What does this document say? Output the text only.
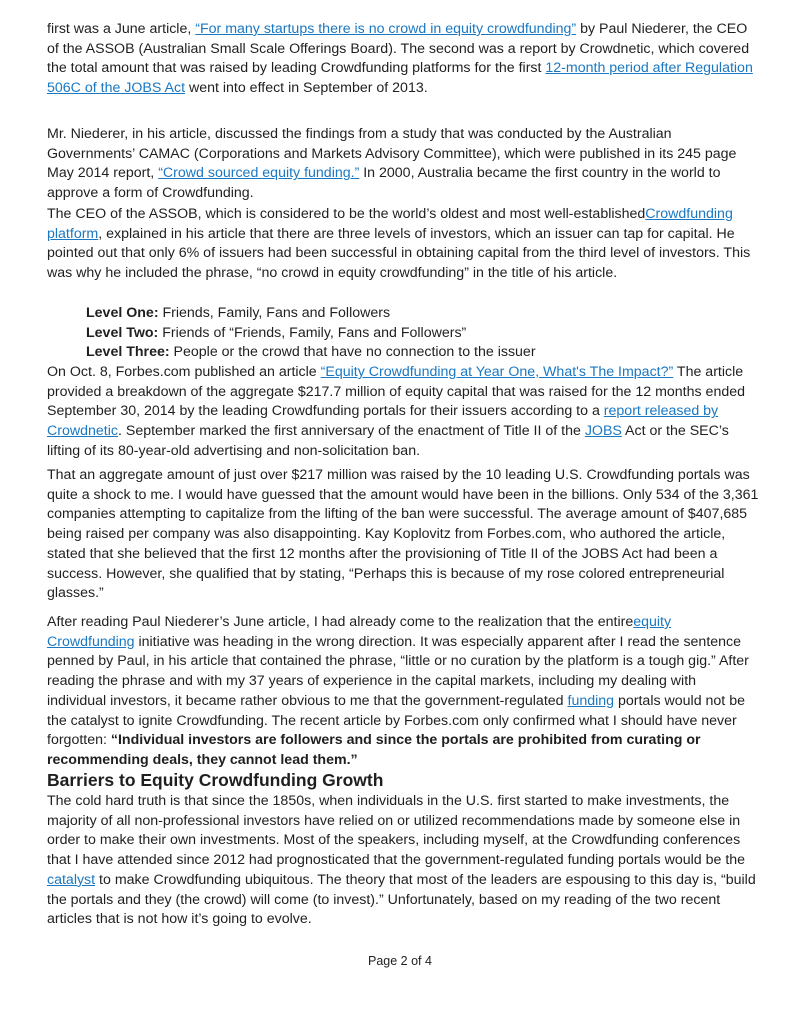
first was a June article, “For many startups there is no crowd in equity crowdfunding” by Paul Niederer, the CEO of the ASSOB (Australian Small Scale Offerings Board). The second was a report by Crowdnetic, which covered the total amount that was raised by leading Crowdfunding platforms for the first 12-month period after Regulation 506C of the JOBS Act went into effect in September of 2013.

Mr. Niederer, in his article, discussed the findings from a study that was conducted by the Australian Governments’ CAMAC (Corporations and Markets Advisory Committee), which were published in its 245 page May 2014 report, “Crowd sourced equity funding.” In 2000, Australia became the first country in the world to approve a form of Crowdfunding.

The CEO of the ASSOB, which is considered to be the world’s oldest and most well-establishedCrowdfunding platform, explained in his article that there are three levels of investors, which an issuer can tap for capital. He pointed out that only 6% of issuers had been successful in obtaining capital from the third level of investors. This was why he included the phrase, “no crowd in equity crowdfunding” in the title of his article.

Level One: Friends, Family, Fans and Followers

Level Two: Friends of “Friends, Family, Fans and Followers”

Level Three: People or the crowd that have no connection to the issuer

On Oct. 8, Forbes.com published an article “Equity Crowdfunding at Year One, What's The Impact?” The article provided a breakdown of the aggregate $217.7 million of equity capital that was raised for the 12 months ended September 30, 2014 by the leading Crowdfunding portals for their issuers according to a report released by Crowdnetic. September marked the first anniversary of the enactment of Title II of the JOBS Act or the SEC’s lifting of its 80-year-old advertising and non-solicitation ban.

That an aggregate amount of just over $217 million was raised by the 10 leading U.S. Crowdfunding portals was quite a shock to me. I would have guessed that the amount would have been in the billions. Only 534 of the 3,361 companies attempting to capitalize from the lifting of the ban were successful. The average amount of $407,685 being raised per company was also disappointing. Kay Koplovitz from Forbes.com, who authored the article, stated that she believed that the first 12 months after the provisioning of Title II of the JOBS Act had been a success. However, she qualified that by stating, “Perhaps this is because of my rose colored entrepreneurial glasses.”

After reading Paul Niederer’s June article, I had already come to the realization that the entireequity Crowdfunding initiative was heading in the wrong direction. It was especially apparent after I read the sentence penned by Paul, in his article that contained the phrase, “little or no curation by the platform is a tough gig.” After reading the phrase and with my 37 years of experience in the capital markets, including my dealing with individual investors, it became rather obvious to me that the government-regulated funding portals would not be the catalyst to ignite Crowdfunding. The recent article by Forbes.com only confirmed what I should have never forgotten: “Individual investors are followers and since the portals are prohibited from curating or recommending deals, they cannot lead them.”

Barriers to Equity Crowdfunding Growth

The cold hard truth is that since the 1850s, when individuals in the U.S. first started to make investments, the majority of all non-professional investors have relied on or utilized recommendations made by someone else in order to make their own investments. Most of the speakers, including myself, at the Crowdfunding conferences that I have attended since 2012 had prognosticated that the government-regulated funding portals would be the catalyst to make Crowdfunding ubiquitous. The theory that most of the leaders are espousing to this day is, “build the portals and they (the crowd) will come (to invest).” Unfortunately, based on my reading of the two recent articles that is not how it’s going to evolve.

Page 2 of 4
